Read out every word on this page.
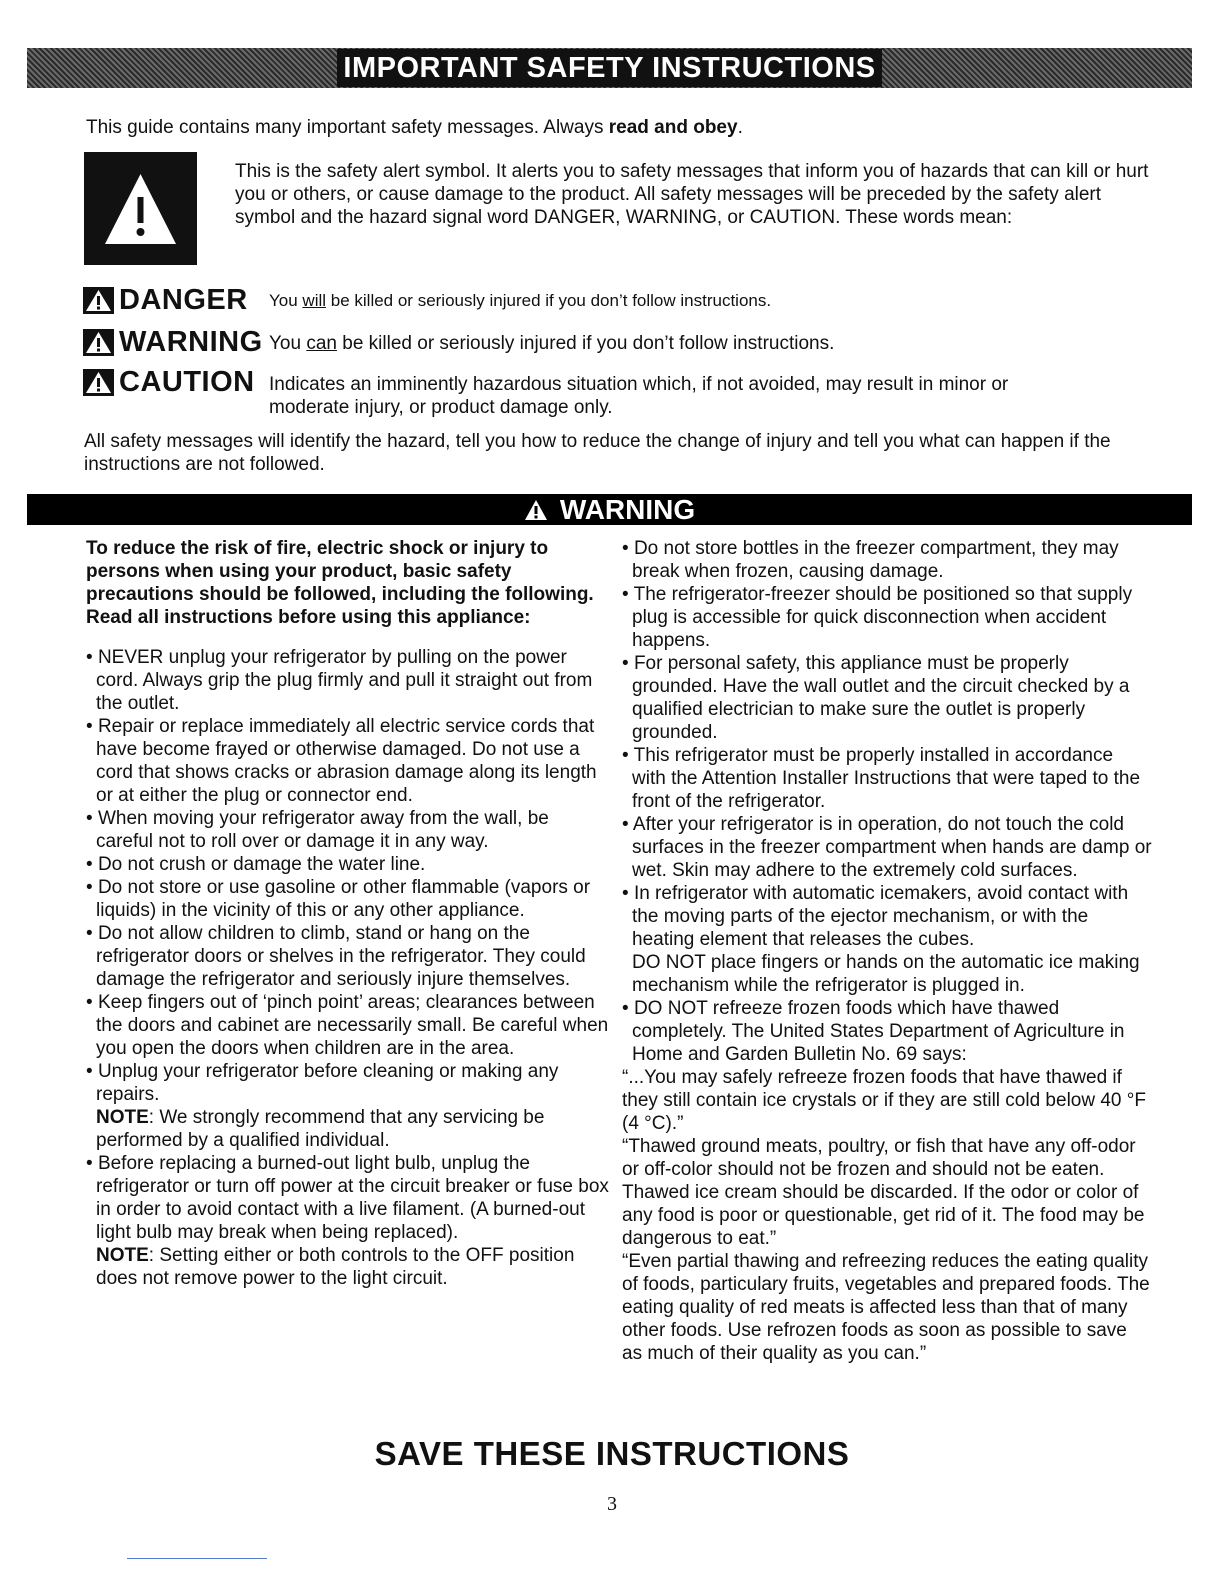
IMPORTANT SAFETY INSTRUCTIONS
This guide contains many important safety messages. Always read and obey.
This is the safety alert symbol. It alerts you to safety messages that inform you of hazards that can kill or hurt you or others, or cause damage to the product. All safety messages will be preceded by the safety alert symbol and the hazard signal word DANGER, WARNING, or CAUTION. These words mean:
DANGER You will be killed or seriously injured if you don’t follow instructions.
WARNING You can be killed or seriously injured if you don’t follow instructions.
CAUTION Indicates an imminently hazardous situation which, if not avoided, may result in minor or moderate injury, or product damage only.
All safety messages will identify the hazard, tell you how to reduce the change of injury and tell you what can happen if the instructions are not followed.
WARNING

To reduce the risk of fire, electric shock or injury to persons when using your product, basic safety precautions should be followed, including the following. Read all instructions before using this appliance:

• NEVER unplug your refrigerator by pulling on the power cord. Always grip the plug firmly and pull it straight out from the outlet.
• Repair or replace immediately all electric service cords that have become frayed or otherwise damaged. Do not use a cord that shows cracks or abrasion damage along its length or at either the plug or connector end.
• When moving your refrigerator away from the wall, be careful not to roll over or damage it in any way.
• Do not crush or damage the water line.
• Do not store or use gasoline or other flammable (vapors or liquids) in the vicinity of this or any other appliance.
• Do not allow children to climb, stand or hang on the refrigerator doors or shelves in the refrigerator. They could damage the refrigerator and seriously injure themselves.
• Keep fingers out of ‘pinch point’ areas; clearances between the doors and cabinet are necessarily small. Be careful when you open the doors when children are in the area.
• Unplug your refrigerator before cleaning or making any repairs.
NOTE: We strongly recommend that any servicing be performed by a qualified individual.
• Before replacing a burned-out light bulb, unplug the refrigerator or turn off power at the circuit breaker or fuse box in order to avoid contact with a live filament. (A burned-out light bulb may break when being replaced).
NOTE: Setting either or both controls to the OFF position does not remove power to the light circuit.
• Do not store bottles in the freezer compartment, they may break when frozen, causing damage.
• The refrigerator-freezer should be positioned so that supply plug is accessible for quick disconnection when accident happens.
• For personal safety, this appliance must be properly grounded. Have the wall outlet and the circuit checked by a qualified electrician to make sure the outlet is properly grounded.
• This refrigerator must be properly installed in accordance with the Attention Installer Instructions that were taped to the front of the refrigerator.
• After your refrigerator is in operation, do not touch the cold surfaces in the freezer compartment when hands are damp or wet. Skin may adhere to the extremely cold surfaces.
• In refrigerator with automatic icemakers, avoid contact with the moving parts of the ejector mechanism, or with the heating element that releases the cubes.
DO NOT place fingers or hands on the automatic ice making mechanism while the refrigerator is plugged in.
• DO NOT refreeze frozen foods which have thawed completely. The United States Department of Agriculture in Home and Garden Bulletin No. 69 says:
“...You may safely refreeze frozen foods that have thawed if they still contain ice crystals or if they are still cold below 40 °F (4 °C).”
“Thawed ground meats, poultry, or fish that have any off-odor or off-color should not be frozen and should not be eaten. Thawed ice cream should be discarded. If the odor or color of any food is poor or questionable, get rid of it. The food may be dangerous to eat.”
“Even partial thawing and refreezing reduces the eating quality of foods, particulary fruits, vegetables and prepared foods. The eating quality of red meats is affected less than that of many other foods. Use refrozen foods as soon as possible to save as much of their quality as you can.”
SAVE THESE INSTRUCTIONS
3
